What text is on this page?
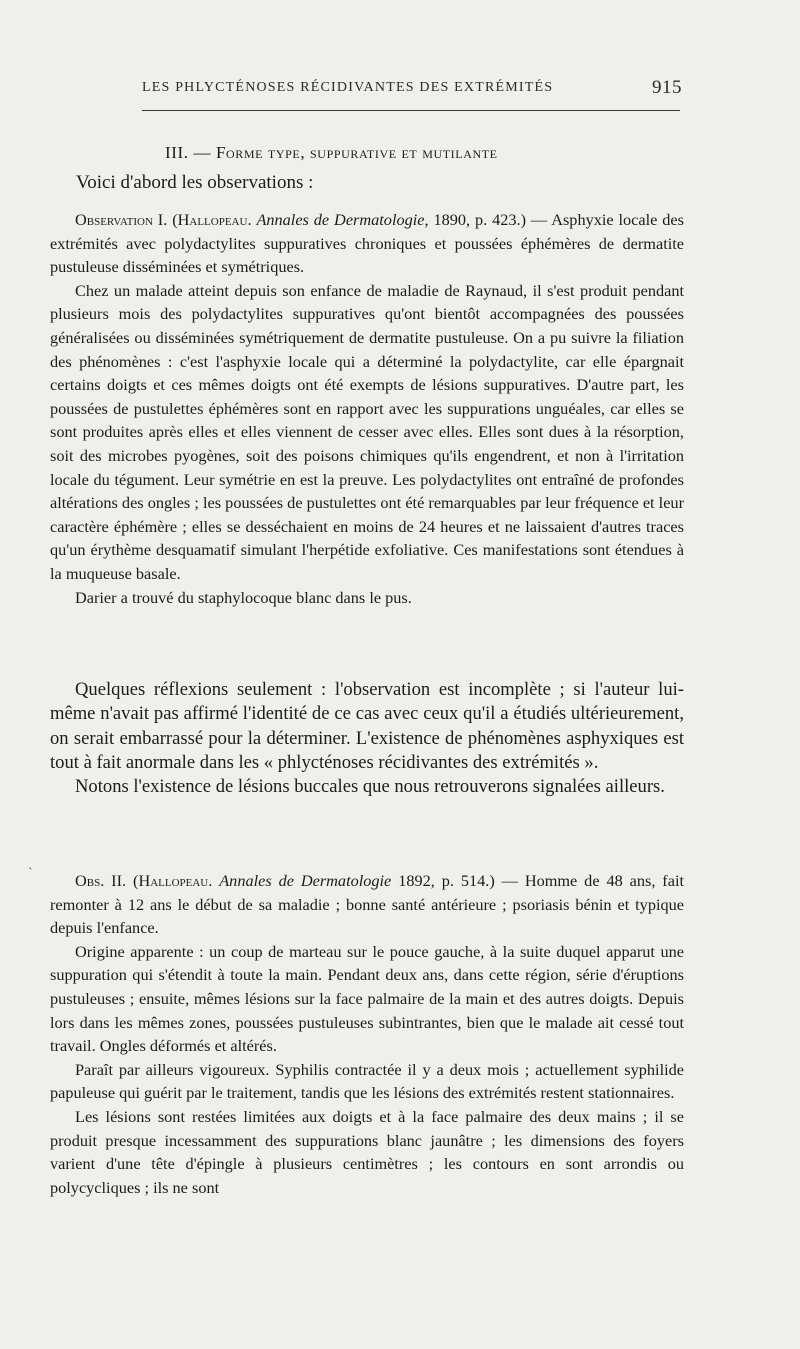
LES PHLYCTÉNOSES RÉCIDIVANTES DES EXTRÉMITÉS	915
III. — Forme type, suppurative et mutilante
Voici d'abord les observations :

Observation I. (Hallopeau. Annales de Dermatologie, 1890, p. 423.) — Asphyxie locale des extrémités avec polydactylites suppuratives chroniques et poussées éphémères de dermatite pustuleuse disséminées et symétriques.

Chez un malade atteint depuis son enfance de maladie de Raynaud, il s'est produit pendant plusieurs mois des polydactylites suppuratives qu'ont bientôt accompagnées des poussées généralisées ou disséminées symétriquement de dermatite pustuleuse. On a pu suivre la filiation des phénomènes : c'est l'asphyxie locale qui a déterminé la polydactylite, car elle épargnait certains doigts et ces mêmes doigts ont été exempts de lésions suppuratives. D'autre part, les poussées de pustulettes éphémères sont en rapport avec les suppurations unguéales, car elles se sont produites après elles et elles viennent de cesser avec elles. Elles sont dues à la résorption, soit des microbes pyogènes, soit des poisons chimiques qu'ils engendrent, et non à l'irritation locale du tégument. Leur symétrie en est la preuve. Les polydactylites ont entraîné de profondes altérations des ongles ; les poussées de pustulettes ont été remarquables par leur fréquence et leur caractère éphémère ; elles se desséchaient en moins de 24 heures et ne laissaient d'autres traces qu'un érythème desquamatif simulant l'herpétide exfoliative. Ces manifestations sont étendues à la muqueuse basale.

Darier a trouvé du staphylocoque blanc dans le pus.

Quelques réflexions seulement : l'observation est incomplète ; si l'auteur lui-même n'avait pas affirmé l'identité de ce cas avec ceux qu'il a étudiés ultérieurement, on serait embarrassé pour la déterminer. L'existence de phénomènes asphyxiques est tout à fait anormale dans les « phlycténoses récidivantes des extrémités ».

Notons l'existence de lésions buccales que nous retrouverons signalées ailleurs.

`	Obs. II. (Hallopeau. Annales de Dermatologie 1892, p. 514.) — Homme de 48 ans, fait remonter à 12 ans le début de sa maladie ; bonne santé antérieure ; psoriasis bénin et typique depuis l'enfance.

Origine apparente : un coup de marteau sur le pouce gauche, à la suite duquel apparut une suppuration qui s'étendit à toute la main. Pendant deux ans, dans cette région, série d'éruptions pustuleuses ; ensuite, mêmes lésions sur la face palmaire de la main et des autres doigts. Depuis lors dans les mêmes zones, poussées pustuleuses subintrantes, bien que le malade ait cessé tout travail. Ongles déformés et altérés.

Paraît par ailleurs vigoureux. Syphilis contractée il y a deux mois ; actuellement syphilide papuleuse qui guérit par le traitement, tandis que les lésions des extrémités restent stationnaires.

Les lésions sont restées limitées aux doigts et à la face palmaire des deux mains ; il se produit presque incessamment des suppurations blanc jaunâtre ; les dimensions des foyers varient d'une tête d'épingle à plusieurs centimètres ; les contours en sont arrondis ou polycycliques ; ils ne sont
